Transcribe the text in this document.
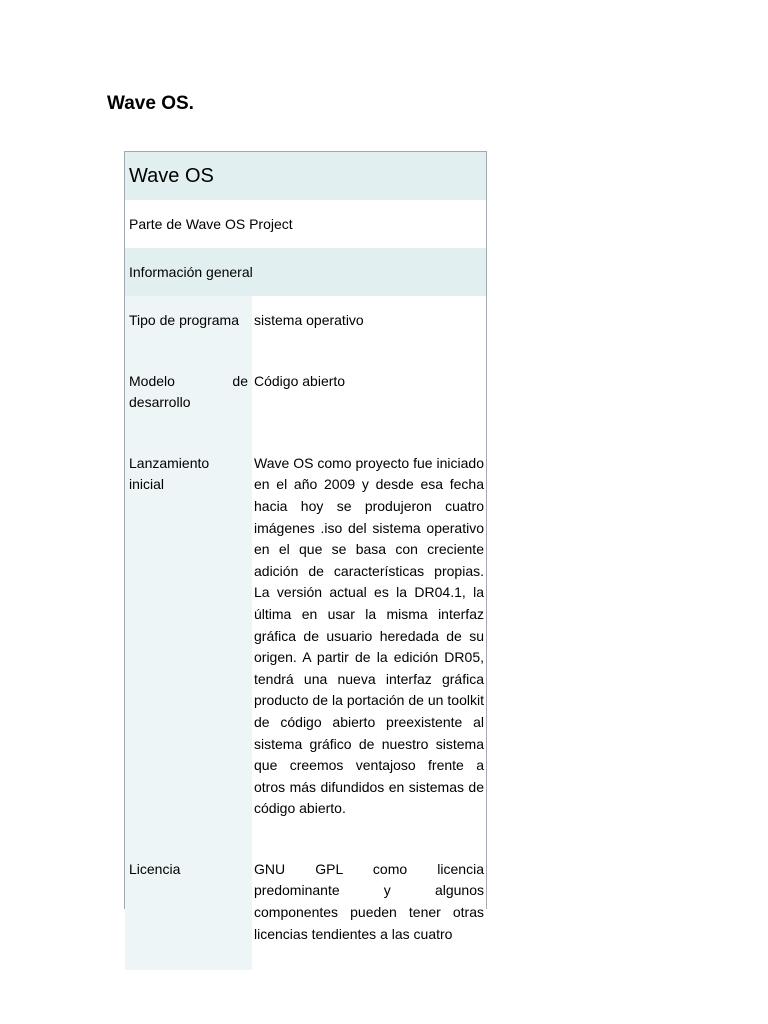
Wave OS.
Wave OS	
Parte de Wave OS Project	
Información general	
Tipo de programa	sistema operativo
Modelo de desarrollo	Código abierto
Lanzamiento inicial	Wave OS como proyecto fue iniciado en el año 2009 y desde esa fecha hacia hoy se produjeron cuatro imágenes .iso del sistema operativo en el que se basa con creciente adición de características propias. La versión actual es la DR04.1, la última en usar la misma interfaz gráfica de usuario heredada de su origen. A partir de la edición DR05, tendrá una nueva interfaz gráfica producto de la portación de un toolkit de código abierto preexistente al sistema gráfico de nuestro sistema que creemos ventajoso frente a otros más difundidos en sistemas de código abierto.
Licencia	GNU GPL como licencia predominante y algunos componentes pueden tener otras licencias tendientes a las cuatro
